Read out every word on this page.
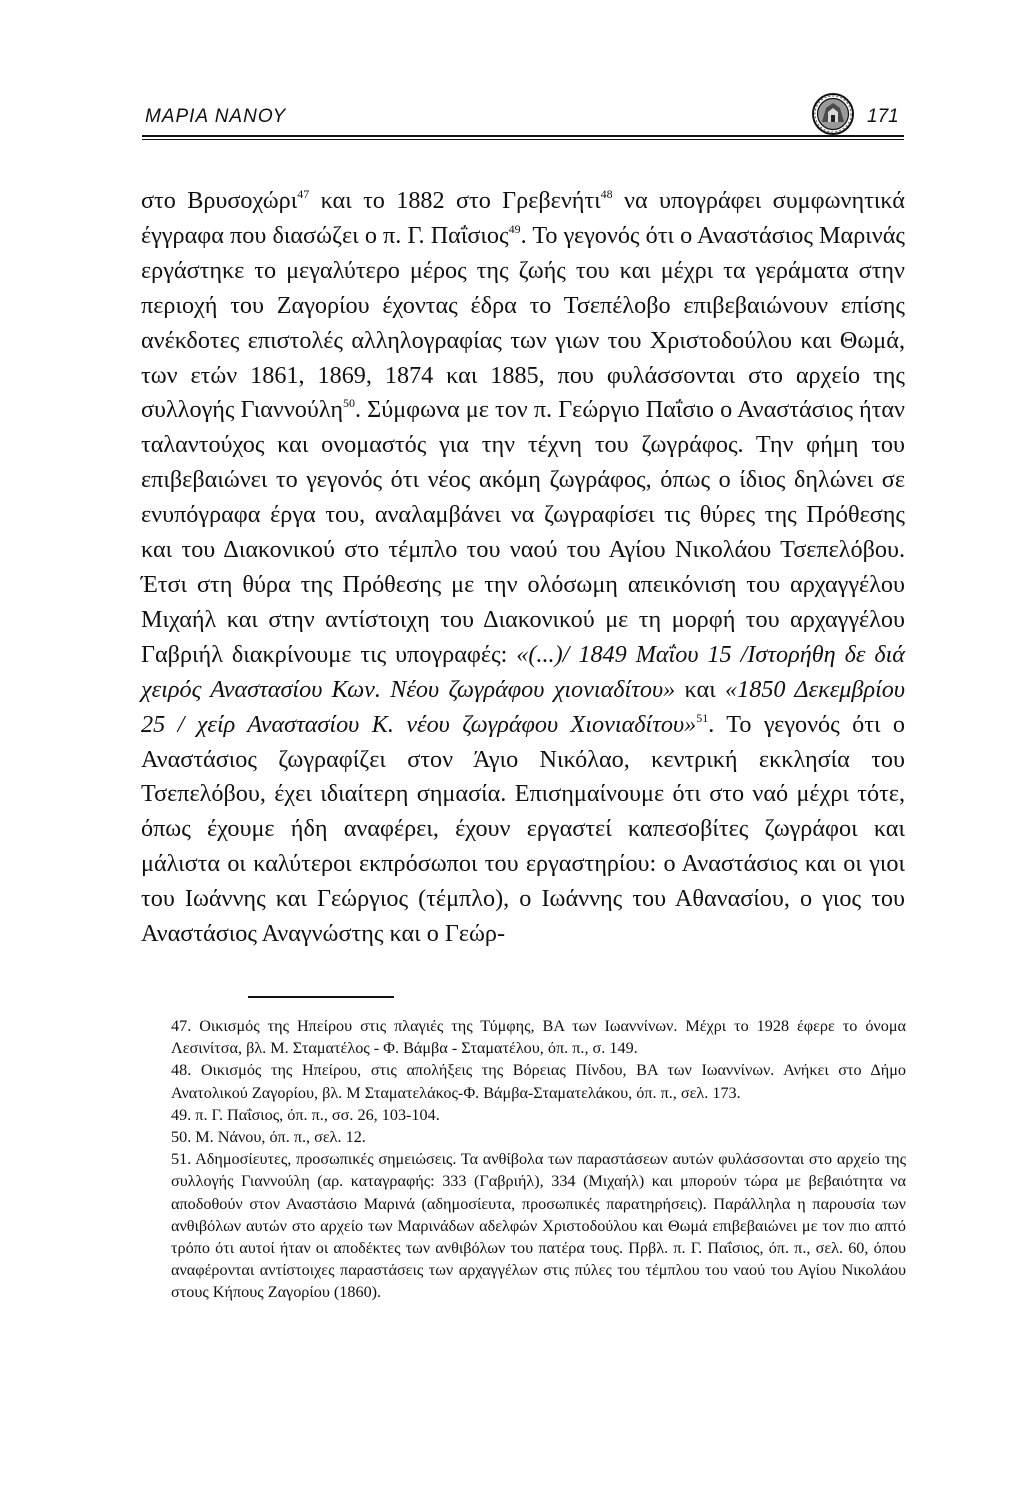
ΜΑΡΙΑ ΝΑΝΟΥ	171
στο Βρυσοχώρι$^{47}$ και το 1882 στο Γρεβενήτι$^{48}$ να υπογράφει συμφωνητικά έγγραφα που διασώζει ο π. Γ. Παΐσιος$^{49}$. Το γεγονός ότι ο Αναστάσιος Μαρινάς εργάστηκε το μεγαλύτερο μέρος της ζωής του και μέχρι τα γεράματα στην περιοχή του Ζαγορίου έχοντας έδρα το Τσεπέλοβο επιβεβαιώνουν επίσης ανέκδοτες επιστολές αλληλογραφίας των γιων του Χριστοδούλου και Θωμά, των ετών 1861, 1869, 1874 και 1885, που φυλάσσονται στο αρχείο της συλλογής Γιαννούλη$^{50}$. Σύμφωνα με τον π. Γεώργιο Παΐσιο ο Αναστάσιος ήταν ταλαντούχος και ονομαστός για την τέχνη του ζωγράφος. Την φήμη του επιβεβαιώνει το γεγονός ότι νέος ακόμη ζωγράφος, όπως ο ίδιος δηλώνει σε ενυπόγραφα έργα του, αναλαμβάνει να ζωγραφίσει τις θύρες της Πρόθεσης και του Διακονικού στο τέμπλο του ναού του Αγίου Νικολάου Τσεπελόβου. Έτσι στη θύρα της Πρόθεσης με την ολόσωμη απεικόνιση του αρχαγγέλου Μιχαήλ και στην αντίστοιχη του Διακονικού με τη μορφή του αρχαγγέλου Γαβριήλ διακρίνουμε τις υπογραφές: «(...)/ 1849 Μαΐου 15 /Ιστορήθη δε διά χειρός Αναστασίου Κων. Νέου ζωγράφου χιονιαδίτου» και «1850 Δεκεμβρίου 25 / χείρ Αναστασίου Κ. νέου ζωγράφου Χιονιαδίτου»$^{51}$. Το γεγονός ότι ο Αναστάσιος ζωγραφίζει στον Άγιο Νικόλαο, κεντρική εκκλησία του Τσεπελόβου, έχει ιδιαίτερη σημασία. Επισημαίνουμε ότι στο ναό μέχρι τότε, όπως έχουμε ήδη αναφέρει, έχουν εργαστεί καπεσοβίτες ζωγράφοι και μάλιστα οι καλύτεροι εκπρόσωποι του εργαστηρίου: ο Αναστάσιος και οι γιοι του Ιωάννης και Γεώργιος (τέμπλο), ο Ιωάννης του Αθανασίου, ο γιος του Αναστάσιος Αναγνώστης και ο Γεώρ-

47. Οικισμός της Ηπείρου στις πλαγιές της Τύμφης, ΒΑ των Ιωαννίνων. Μέχρι το 1928 έφερε το όνομα Λεσινίτσα, βλ. Μ. Σταματέλος - Φ. Βάμβα - Σταματέλου, όπ. π., σ. 149.

48. Οικισμός της Ηπείρου, στις απολήξεις της Βόρειας Πίνδου, ΒΑ των Ιωαννίνων. Ανήκει στο Δήμο Ανατολικού Ζαγορίου, βλ. Μ Σταματελάκος-Φ. Βάμβα-Σταματελάκου, όπ. π., σελ. 173.

49. π. Γ. Παΐσιος, όπ. π., σσ. 26, 103-104.

50. Μ. Νάνου, όπ. π., σελ. 12.

51. Αδημοσίευτες, προσωπικές σημειώσεις. Τα ανθίβολα των παραστάσεων αυτών φυλάσσονται στο αρχείο της συλλογής Γιαννούλη (αρ. καταγραφής: 333 (Γαβριήλ), 334 (Μιχαήλ) και μπορούν τώρα με βεβαιότητα να αποδοθούν στον Αναστάσιο Μαρινά (αδημοσίευτα, προσωπικές παρατηρήσεις). Παράλληλα η παρουσία των ανθιβόλων αυτών στο αρχείο των Μαρινάδων αδελφών Χριστοδούλου και Θωμά επιβεβαιώνει με τον πιο απτό τρόπο ότι αυτοί ήταν οι αποδέκτες των ανθιβόλων του πατέρα τους. Πρβλ. π. Γ. Παΐσιος, όπ. π., σελ. 60, όπου αναφέρονται αντίστοιχες παραστάσεις των αρχαγγέλων στις πύλες του τέμπλου του ναού του Αγίου Νικολάου στους Κήπους Ζαγορίου (1860).
